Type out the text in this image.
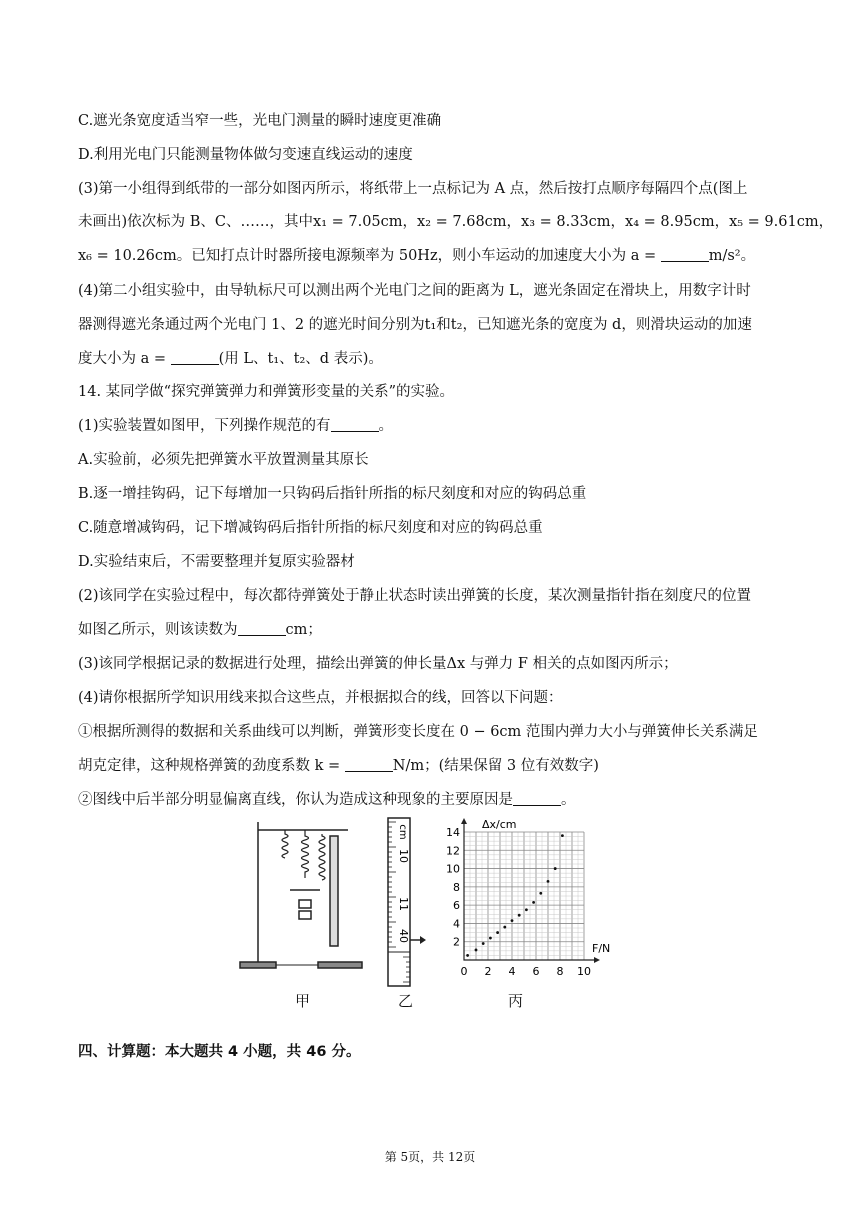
C.遮光条宽度适当窄一些，光电门测量的瞬时速度更准确
D.利用光电门只能测量物体做匀变速直线运动的速度
(3)第一小组得到纸带的一部分如图丙所示，将纸带上一点标记为 A 点，然后按打点顺序每隔四个点(图上
未画出)依次标为 B、C、……，其中x₁ = 7.05cm，x₂ = 7.68cm，x₃ = 8.33cm，x₄ = 8.95cm，x₅ = 9.61cm，
x₆ = 10.26cm。已知打点计时器所接电源频率为 50Hz，则小车运动的加速度大小为 a =	m/s²。
(4)第二小组实验中，由导轨标尺可以测出两个光电门之间的距离为 L，遮光条固定在滑块上，用数字计时
器测得遮光条通过两个光电门 1、2 的遮光时间分别为t₁和t₂，已知遮光条的宽度为 d，则滑块运动的加速
度大小为 a =	(用 L、t₁、t₂、d 表示)。
14. 某同学做“探究弹簧弹力和弹簧形变量的关系”的实验。
(1)实验装置如图甲，下列操作规范的有	。
A.实验前，必须先把弹簧水平放置测量其原长
B.逐一增挂钩码，记下每增加一只钩码后指针所指的标尺刻度和对应的钩码总重
C.随意增减钩码，记下增减钩码后指针所指的标尺刻度和对应的钩码总重
D.实验结束后，不需要整理并复原实验器材
(2)该同学在实验过程中，每次都待弹簧处于静止状态时读出弹簧的长度，某次测量指针指在刻度尺的位置
如图乙所示，则该读数为	cm；
(3)该同学根据记录的数据进行处理，描绘出弹簧的伸长量Δx 与弹力 F 相关的点如图丙所示；
(4)请你根据所学知识用线来拟合这些点，并根据拟合的线，回答以下问题：
①根据所测得的数据和关系曲线可以判断，弹簧形变长度在 0 − 6cm 范围内弹力大小与弹簧伸长关系满足
胡克定律，这种规格弹簧的劲度系数 k =	N/m；(结果保留 3 位有效数字)
②图线中后半部分明显偏离直线，你认为造成这种现象的主要原因是	。
cm
10
11
40
14
12
10
8
6
4
2
0 2 4 6 8 10
Δx/cm
F/N
甲	乙	丙
四、计算题：本大题共 4 小题，共 46 分。
第 5页，共 12页
